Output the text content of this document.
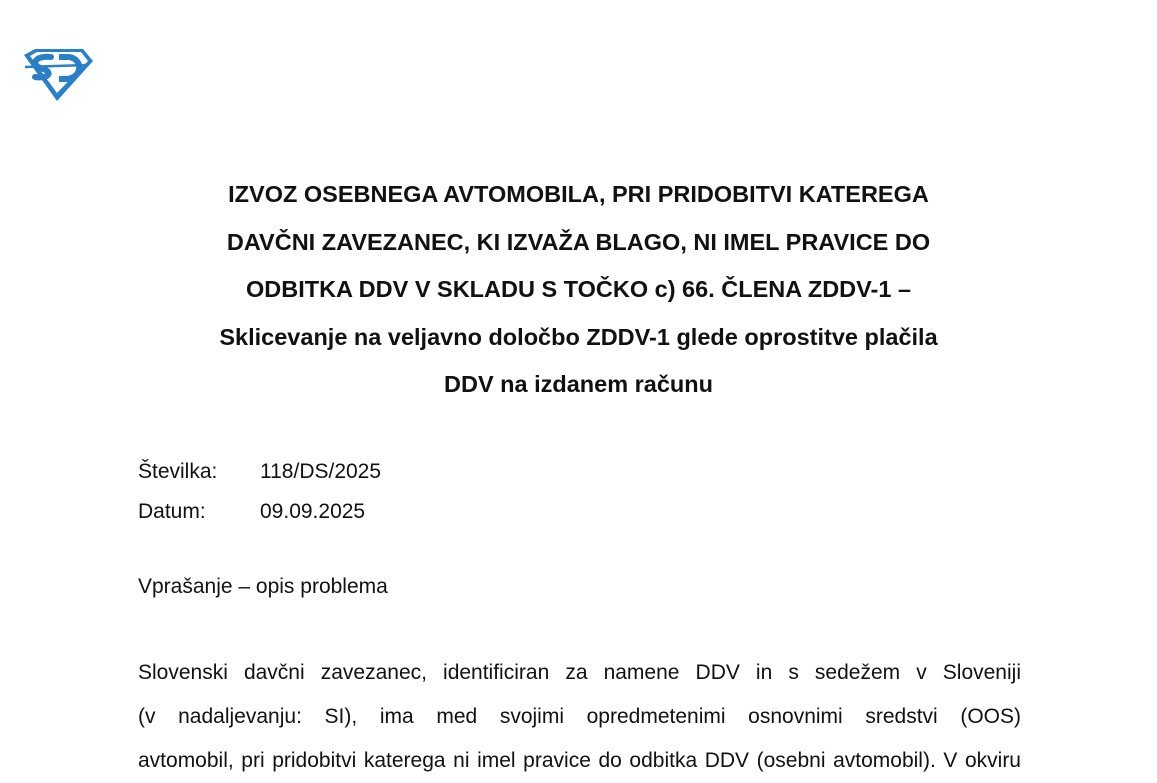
IZVOZ OSEBNEGA AVTOMOBILA, PRI PRIDOBITVI KATEREGA
DAVČNI ZAVEZANEC, KI IZVAŽA BLAGO, NI IMEL PRAVICE DO
ODBITKA DDV V SKLADU S TOČKO c) 66. ČLENA ZDDV-1 –
Sklicevanje na veljavno določbo ZDDV-1 glede oprostitve plačila
DDV na izdanem računu
Številka:	118/DS/2025
Datum:	09.09.2025
Vprašanje – opis problema
Slovenski davčni zavezanec, identificiran za namene DDV in s sedežem v Sloveniji
(v nadaljevanju: SI), ima med svojimi opredmetenimi osnovnimi sredstvi (OOS)
avtomobil, pri pridobitvi katerega ni imel pravice do odbitka DDV (osebni avtomobil). V okviru
